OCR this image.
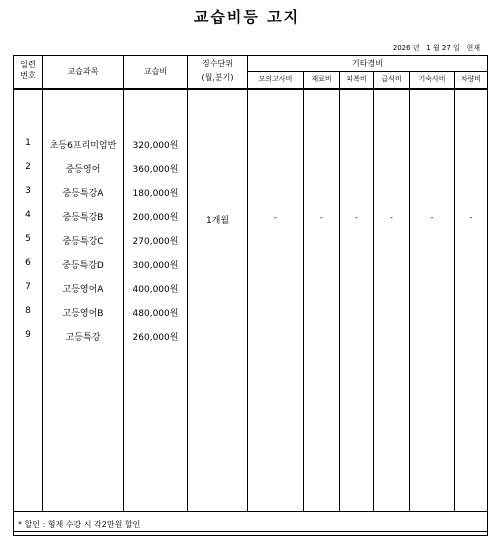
교습비등 고지
2026 년   1 월 27 일   현재
일련
번호	교습과목	교습비
징수단위
(월,분기)
기타경비
모의고사비	재료비	피복비	급식비	기숙사비	차량비
1	초등6프리미엄반	320,000원
2	중등영어	360,000원
3	중등특강A	180,000원
4	중등특강B	200,000원
5	중등특강C	270,000원
6	중등특강D	300,000원
7	고등영어A	400,000원
8	고등영어B	480,000원
9	고등특강	260,000원
1개월	-	-	-	-	-	-
* 할인 : 형제 수강 시 각2만원 할인
